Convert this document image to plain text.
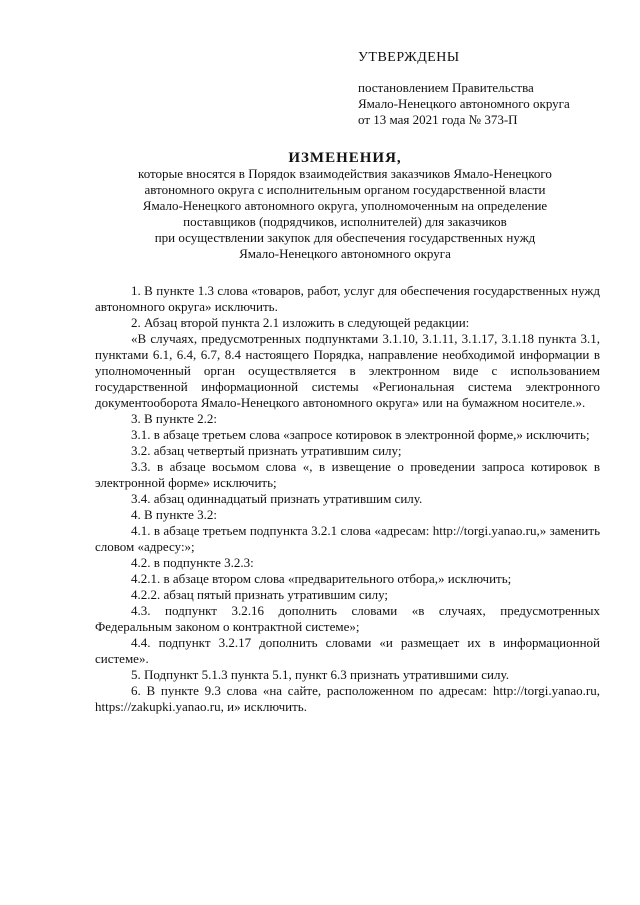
УТВЕРЖДЕНЫ
постановлением Правительства
Ямало-Ненецкого автономного округа
от 13 мая 2021 года № 373-П
ИЗМЕНЕНИЯ,
которые вносятся в Порядок взаимодействия заказчиков Ямало-Ненецкого
автономного округа с исполнительным органом государственной власти
Ямало-Ненецкого автономного округа, уполномоченным на определение
поставщиков (подрядчиков, исполнителей) для заказчиков
при осуществлении закупок для обеспечения государственных нужд
Ямало-Ненецкого автономного округа

1. В пункте 1.3 слова «товаров, работ, услуг для обеспечения государственных нужд автономного округа» исключить.

2. Абзац второй пункта 2.1 изложить в следующей редакции:

«В случаях, предусмотренных подпунктами 3.1.10, 3.1.11, 3.1.17, 3.1.18 пункта 3.1, пунктами 6.1, 6.4, 6.7, 8.4 настоящего Порядка, направление необходимой информации в уполномоченный орган осуществляется в электронном виде с использованием государственной информационной системы «Региональная система электронного документооборота Ямало-Ненецкого автономного округа» или на бумажном носителе.».

3. В пункте 2.2:

3.1. в абзаце третьем слова «запросе котировок в электронной форме,» исключить;

3.2. абзац четвертый признать утратившим силу;

3.3. в абзаце восьмом слова «, в извещение о проведении запроса котировок в электронной форме» исключить;

3.4. абзац одиннадцатый признать утратившим силу.

4. В пункте 3.2:

4.1. в абзаце третьем подпункта 3.2.1 слова «адресам: http://torgi.yanao.ru,» заменить словом «адресу:»;

4.2. в подпункте 3.2.3:

4.2.1. в абзаце втором слова «предварительного отбора,» исключить;

4.2.2. абзац пятый признать утратившим силу;

4.3. подпункт 3.2.16 дополнить словами «в случаях, предусмотренных Федеральным законом о контрактной системе»;

4.4. подпункт 3.2.17 дополнить словами «и размещает их в информационной системе».

5. Подпункт 5.1.3 пункта 5.1, пункт 6.3 признать утратившими силу.

6. В пункте 9.3 слова «на сайте, расположенном по адресам: http://torgi.yanao.ru, https://zakupki.yanao.ru, и» исключить.
